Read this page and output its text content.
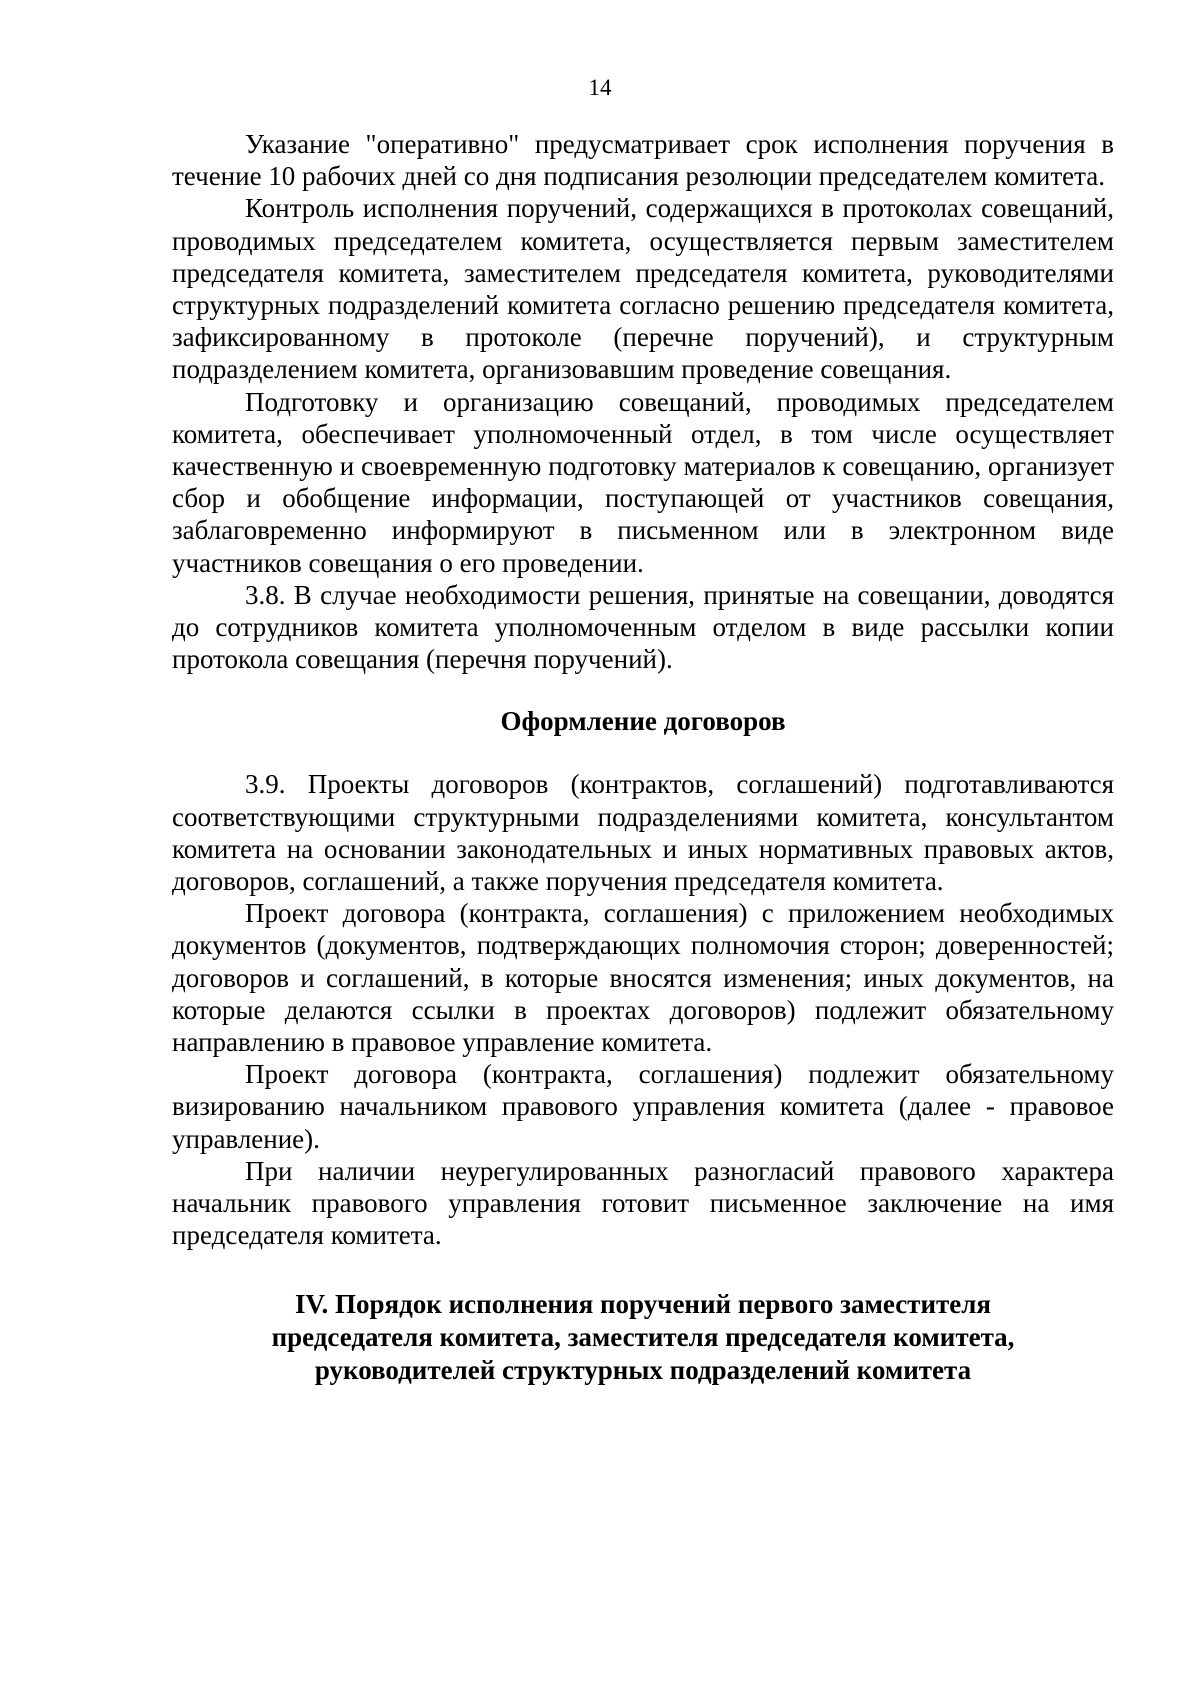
14

Указание "оперативно" предусматривает срок исполнения поручения в течение 10 рабочих дней со дня подписания резолюции председателем комитета.

Контроль исполнения поручений, содержащихся в протоколах совещаний, проводимых председателем комитета, осуществляется первым заместителем председателя комитета, заместителем председателя комитета, руководителями структурных подразделений комитета согласно решению председателя комитета, зафиксированному в протоколе (перечне поручений), и структурным подразделением комитета, организовавшим проведение совещания.

Подготовку и организацию совещаний, проводимых председателем комитета, обеспечивает уполномоченный отдел, в том числе осуществляет качественную и своевременную подготовку материалов к совещанию, организует сбор и обобщение информации, поступающей от участников совещания, заблаговременно информируют в письменном или в электронном виде участников совещания о его проведении.

3.8. В случае необходимости решения, принятые на совещании, доводятся до сотрудников комитета уполномоченным отделом в виде рассылки копии протокола совещания (перечня поручений).

Оформление договоров

3.9. Проекты договоров (контрактов, соглашений) подготавливаются соответствующими структурными подразделениями комитета, консультантом комитета на основании законодательных и иных нормативных правовых актов, договоров, соглашений, а также поручения председателя комитета.

Проект договора (контракта, соглашения) с приложением необходимых документов (документов, подтверждающих полномочия сторон; доверенностей; договоров и соглашений, в которые вносятся изменения; иных документов, на которые делаются ссылки в проектах договоров) подлежит обязательному направлению в правовое управление комитета.

Проект договора (контракта, соглашения) подлежит обязательному визированию начальником правового управления комитета (далее - правовое управление).

При наличии неурегулированных разногласий правового характера начальник правового управления готовит письменное заключение на имя председателя комитета.

IV. Порядок исполнения поручений первого заместителя
председателя комитета, заместителя председателя комитета,
руководителей структурных подразделений комитета
